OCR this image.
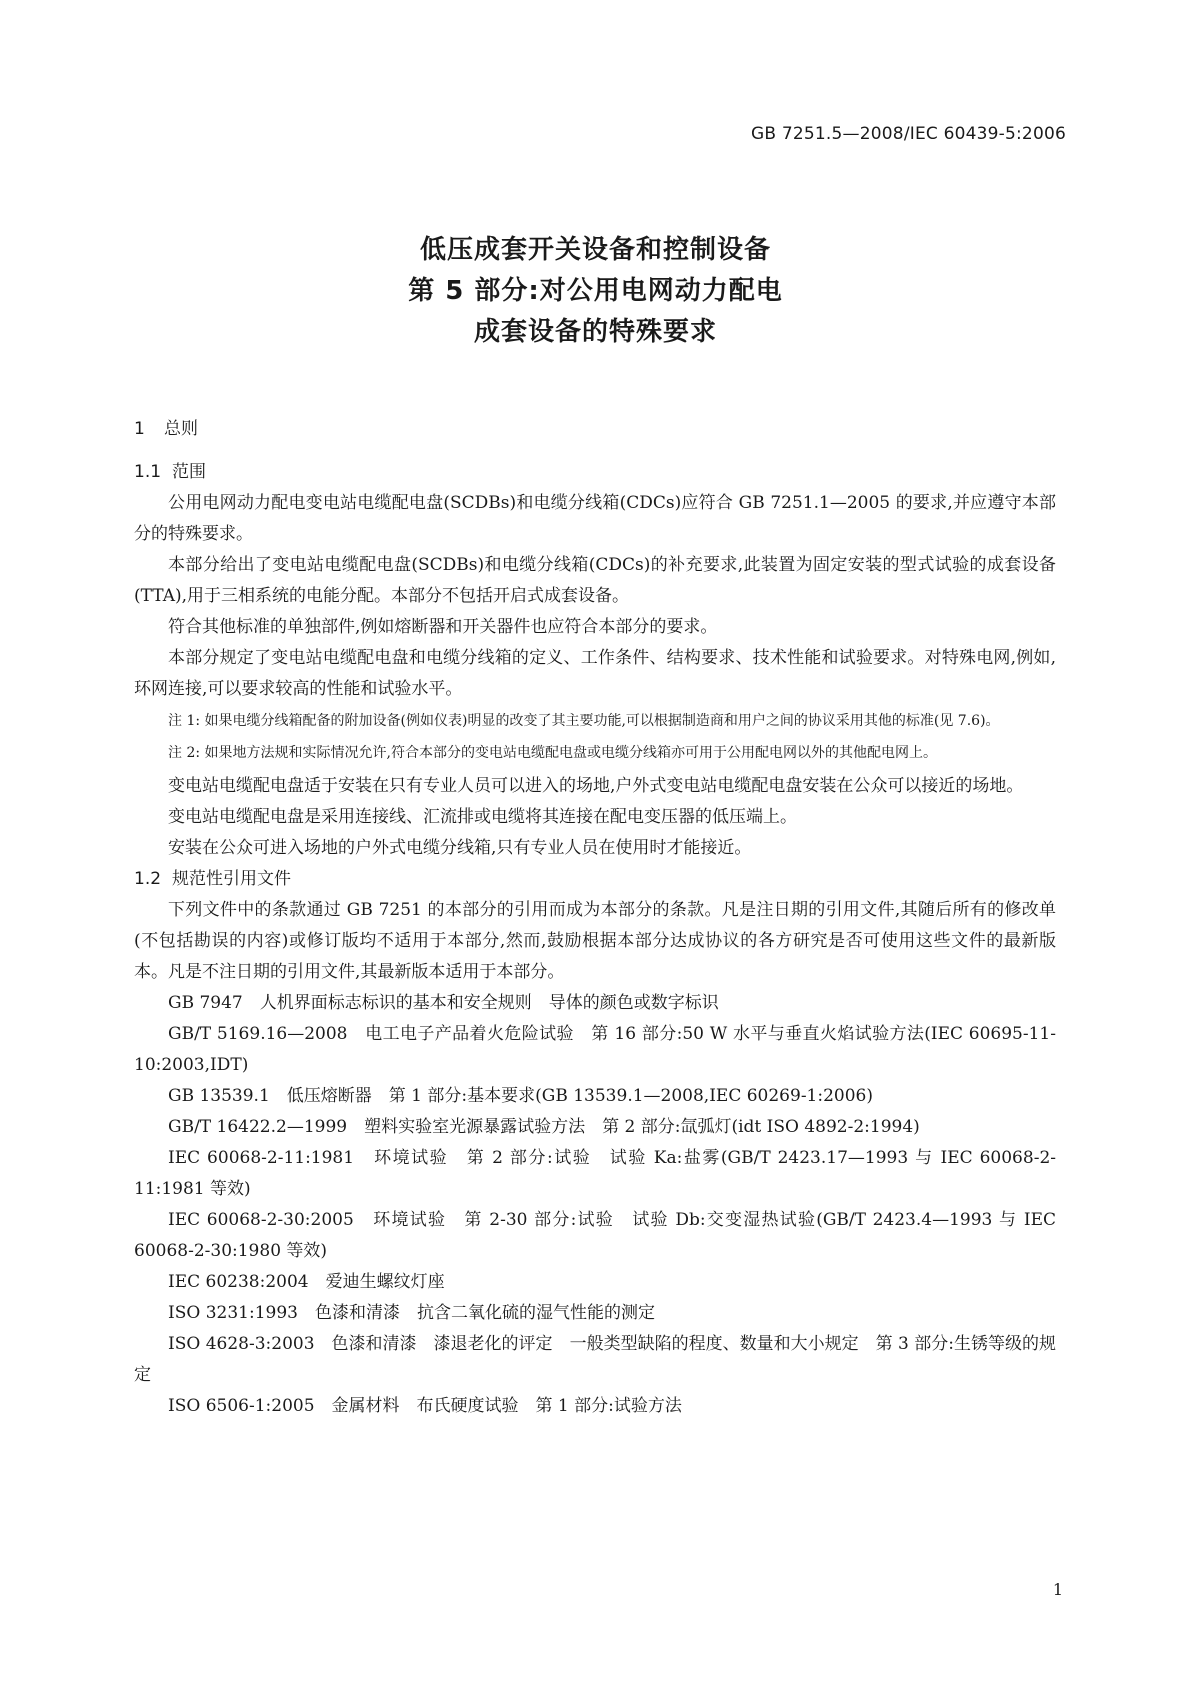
GB 7251.5—2008/IEC 60439-5:2006
低压成套开关设备和控制设备
第 5 部分:对公用电网动力配电
成套设备的特殊要求
1 总则
1.1 范围

公用电网动力配电变电站电缆配电盘(SCDBs)和电缆分线箱(CDCs)应符合 GB 7251.1—2005 的要求,并应遵守本部分的特殊要求。

本部分给出了变电站电缆配电盘(SCDBs)和电缆分线箱(CDCs)的补充要求,此装置为固定安装的型式试验的成套设备(TTA),用于三相系统的电能分配。本部分不包括开启式成套设备。

符合其他标准的单独部件,例如熔断器和开关器件也应符合本部分的要求。

本部分规定了变电站电缆配电盘和电缆分线箱的定义、工作条件、结构要求、技术性能和试验要求。对特殊电网,例如,环网连接,可以要求较高的性能和试验水平。

注 1: 如果电缆分线箱配备的附加设备(例如仪表)明显的改变了其主要功能,可以根据制造商和用户之间的协议采用其他的标准(见 7.6)。
注 2: 如果地方法规和实际情况允许,符合本部分的变电站电缆配电盘或电缆分线箱亦可用于公用配电网以外的其他配电网上。

变电站电缆配电盘适于安装在只有专业人员可以进入的场地,户外式变电站电缆配电盘安装在公众可以接近的场地。

变电站电缆配电盘是采用连接线、汇流排或电缆将其连接在配电变压器的低压端上。

安装在公众可进入场地的户外式电缆分线箱,只有专业人员在使用时才能接近。

1.2 规范性引用文件

下列文件中的条款通过 GB 7251 的本部分的引用而成为本部分的条款。凡是注日期的引用文件,其随后所有的修改单(不包括勘误的内容)或修订版均不适用于本部分,然而,鼓励根据本部分达成协议的各方研究是否可使用这些文件的最新版本。凡是不注日期的引用文件,其最新版本适用于本部分。

GB 7947　人机界面标志标识的基本和安全规则　导体的颜色或数字标识

GB/T 5169.16—2008　电工电子产品着火危险试验　第 16 部分:50 W 水平与垂直火焰试验方法(IEC 60695-11-10:2003,IDT)

GB 13539.1　低压熔断器　第 1 部分:基本要求(GB 13539.1—2008,IEC 60269-1:2006)

GB/T 16422.2—1999　塑料实验室光源暴露试验方法　第 2 部分:氙弧灯(idt ISO 4892-2:1994)

IEC 60068-2-11:1981　环境试验　第 2 部分:试验　试验 Ka:盐雾(GB/T 2423.17—1993 与 IEC 60068-2-11:1981 等效)

IEC 60068-2-30:2005　环境试验　第 2-30 部分:试验　试验 Db:交变湿热试验(GB/T 2423.4—1993 与 IEC 60068-2-30:1980 等效)

IEC 60238:2004　爱迪生螺纹灯座

ISO 3231:1993　色漆和清漆　抗含二氧化硫的湿气性能的测定

ISO 4628-3:2003　色漆和清漆　漆退老化的评定　一般类型缺陷的程度、数量和大小规定　第 3 部分:生锈等级的规定

ISO 6506-1:2005　金属材料　布氏硬度试验　第 1 部分:试验方法

1
